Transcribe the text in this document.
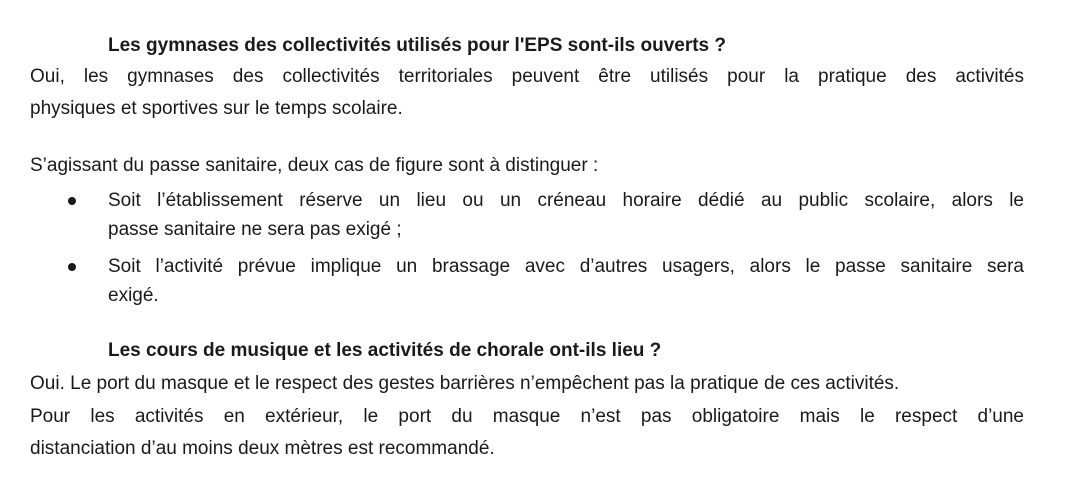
Les gymnases des collectivités utilisés pour l'EPS sont-ils ouverts ?
Oui, les gymnases des collectivités territoriales peuvent être utilisés pour la pratique des activités
physiques et sportives sur le temps scolaire.
S’agissant du passe sanitaire, deux cas de figure sont à distinguer :
Soit l’établissement réserve un lieu ou un créneau horaire dédié au public scolaire, alors le
passe sanitaire ne sera pas exigé ;
Soit l’activité prévue implique un brassage avec d’autres usagers, alors le passe sanitaire sera
exigé.
Les cours de musique et les activités de chorale ont-ils lieu ?
Oui. Le port du masque et le respect des gestes barrières n’empêchent pas la pratique de ces activités.
Pour les activités en extérieur, le port du masque n’est pas obligatoire mais le respect d’une
distanciation d’au moins deux mètres est recommandé.
